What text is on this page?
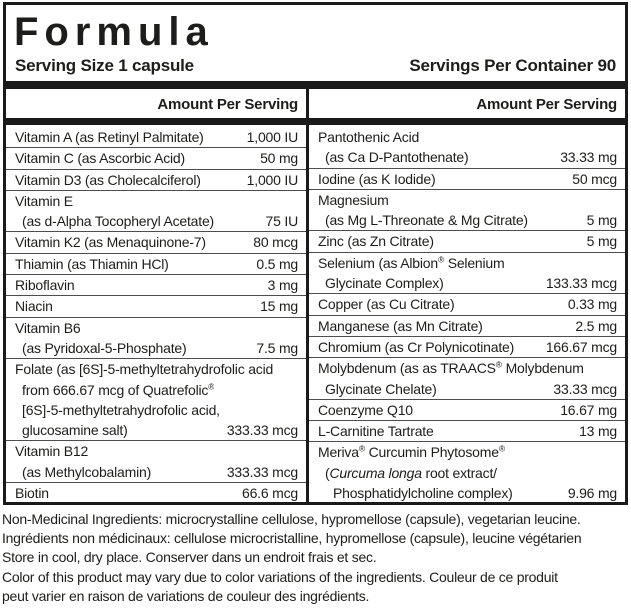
Formula
Serving Size 1 capsule	Servings Per Container 90
Amount Per Serving
Vitamin A (as Retinyl Palmitate)	1,000 IU
Vitamin C (as Ascorbic Acid)	50 mg
Vitamin D3 (as Cholecalciferol)	1,000 IU
Vitamin E
(as d-Alpha Tocopheryl Acetate)	75 IU
Vitamin K2 (as Menaquinone-7)	80 mcg
Thiamin (as Thiamin HCl)	0.5 mg
Riboflavin	3 mg
Niacin	15 mg
Vitamin B6
(as Pyridoxal-5-Phosphate)	7.5 mg
Folate (as [6S]-5-methyltetrahydrofolic acid
from 666.67 mcg of Quatrefolic®
[6S]-5-methyltetrahydrofolic acid,
glucosamine salt)	333.33 mcg
Vitamin B12
(as Methylcobalamin)	333.33 mcg
Biotin	66.6 mcg
Amount Per Serving
Pantothenic Acid
(as Ca D-Pantothenate)	33.33 mg
Iodine (as K Iodide)	50 mcg
Magnesium
(as Mg L-Threonate & Mg Citrate)	5 mg
Zinc (as Zn Citrate)	5 mg
Selenium (as Albion® Selenium
Glycinate Complex)	133.33 mcg
Copper (as Cu Citrate)	0.33 mg
Manganese (as Mn Citrate)	2.5 mg
Chromium (as Cr Polynicotinate)	166.67 mcg
Molybdenum (as as TRAACS® Molybdenum
Glycinate Chelate)	33.33 mcg
Coenzyme Q10	16.67 mg
L-Carnitine Tartrate	13 mg
Meriva® Curcumin Phytosome®
(Curcuma longa root extract/
Phosphatidylcholine complex)	9.96 mg
Non-Medicinal Ingredients: microcrystalline cellulose, hypromellose (capsule), vegetarian leucine.
Ingrédients non médicinaux: cellulose microcristalline, hypromellose (capsule), leucine végétarien
Store in cool, dry place. Conserver dans un endroit frais et sec.
Color of this product may vary due to color variations of the ingredients. Couleur de ce produit
peut varier en raison de variations de couleur des ingrédients.
